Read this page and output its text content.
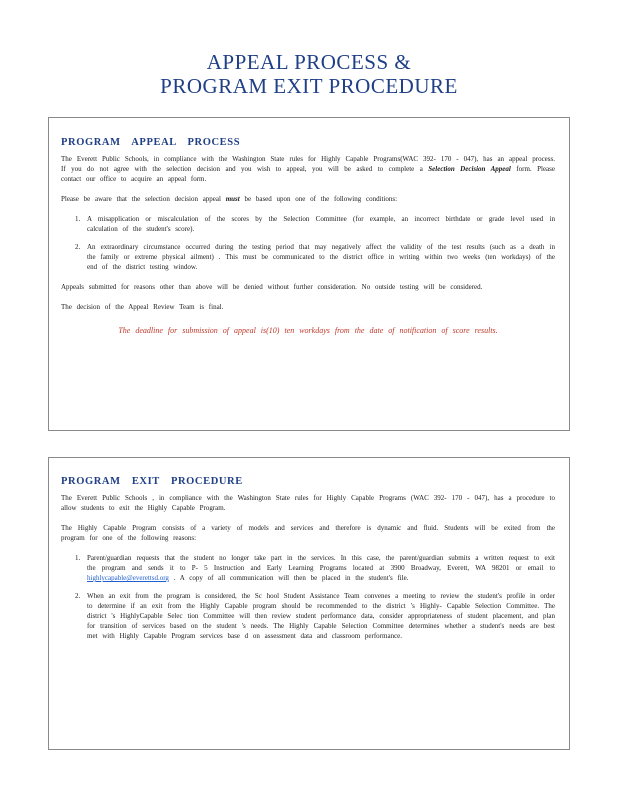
APPEAL PROCESS &
PROGRAM EXIT PROCEDURE
PROGRAM APPEAL PROCESS

The Everett Public Schools, in compliance with the Washington State rules for Highly Capable Programs(WAC 392- 170 - 047), has an appeal process. If you do not agree with the selection decision and you wish to appeal, you will be asked to complete a Selection Decision Appeal form. Please contact our office to acquire an appeal form.

Please be aware that the selection decision appeal must be based upon one of the following conditions:

1. A misapplication or miscalculation of the scores by the Selection Committee (for example, an incorrect birthdate or grade level used in calculation of the student's score).
2. An extraordinary circumstance occurred during the testing period that may negatively affect the validity of the test results (such as a death in the family or extreme physical ailment) . This must be communicated to the district office in writing within two weeks (ten workdays) of the end of the district testing window.

Appeals submitted for reasons other than above will be denied without further consideration. No outside testing will be considered.

The decision of the Appeal Review Team is final.

The deadline for submission of appeal is(10) ten workdays from the date of notification of score results.
PROGRAM EXIT PROCEDURE

The Everett Public Schools , in compliance with the Washington State rules for Highly Capable Programs (WAC 392- 170 - 047), has a procedure to allow students to exit the Highly Capable Program.

The Highly Capable Program consists of a variety of models and services and therefore is dynamic and fluid. Students will be exited from the program for one of the following reasons:

1. Parent/guardian requests that the student no longer take part in the services. In this case, the parent/guardian submits a written request to exit the program and sends it to P- 5 Instruction and Early Learning Programs located at 3900 Broadway, Everett, WA 98201 or email to highlycapable@everettsd.org . A copy of all communication will then be placed in the student's file.
2. When an exit from the program is considered, the Sc hool Student Assistance Team convenes a meeting to review the student's profile in order to determine if an exit from the Highly Capable program should be recommended to the district 's Highly- Capable Selection Committee. The district 's HighlyCapable Selec tion Committee will then review student performance data, consider appropriateness of student placement, and plan for transition of services based on the student 's needs. The Highly Capable Selection Committee determines whether a student's needs are best met with Highly Capable Program services base d on assessment data and classroom performance.
